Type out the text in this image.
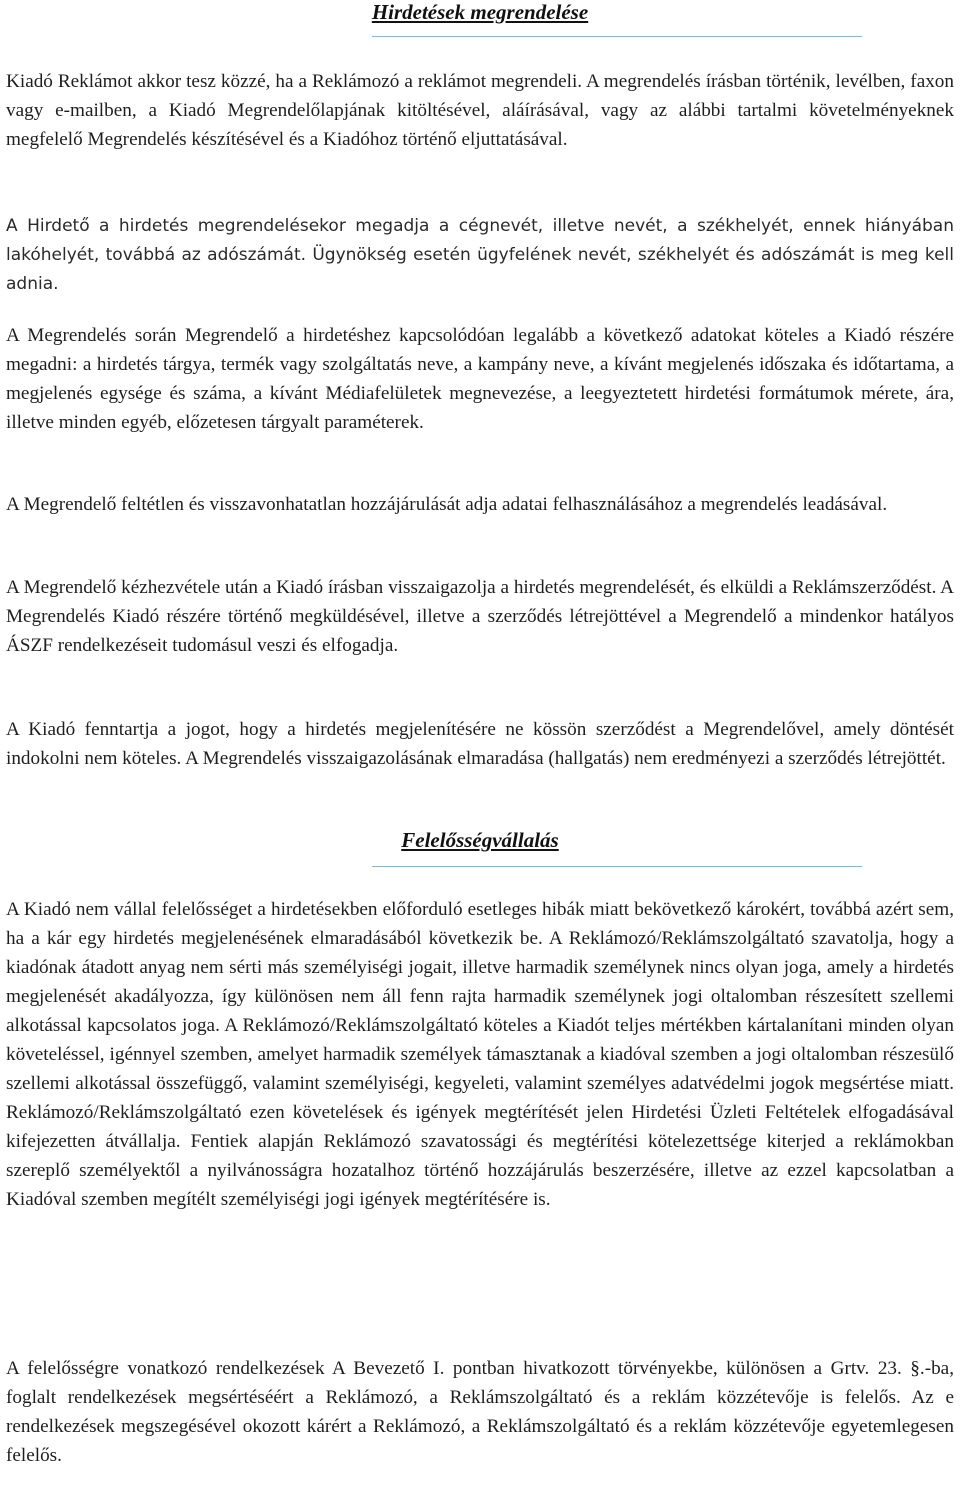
Hirdetések megrendelése

Kiadó Reklámot akkor tesz közzé, ha a Reklámozó a reklámot megrendeli. A megrendelés írásban történik, levélben, faxon vagy e-mailben, a Kiadó Megrendelőlapjának kitöltésével, aláírásával, vagy az alábbi tartalmi követelményeknek megfelelő Megrendelés készítésével és a Kiadóhoz történő eljuttatásával.

A Hirdető a hirdetés megrendelésekor megadja a cégnevét, illetve nevét, a székhelyét, ennek hiányában lakóhelyét, továbbá az adószámát. Ügynökség esetén ügyfelének nevét, székhelyét és adószámát is meg kell adnia.

A Megrendelés során Megrendelő a hirdetéshez kapcsolódóan legalább a következő adatokat köteles a Kiadó részére megadni: a hirdetés tárgya, termék vagy szolgáltatás neve, a kampány neve, a kívánt megjelenés időszaka és időtartama, a megjelenés egysége és száma, a kívánt Médiafelületek megnevezése, a leegyeztetett hirdetési formátumok mérete, ára, illetve minden egyéb, előzetesen tárgyalt paraméterek.

A Megrendelő feltétlen és visszavonhatatlan hozzájárulását adja adatai felhasználásához a megrendelés leadásával.

A Megrendelő kézhezvétele után a Kiadó írásban visszaigazolja a hirdetés megrendelését, és elküldi a Reklámszerződést. A Megrendelés Kiadó részére történő megküldésével, illetve a szerződés létrejöttével a Megrendelő a mindenkor hatályos ÁSZF rendelkezéseit tudomásul veszi és elfogadja.

A Kiadó fenntartja a jogot, hogy a hirdetés megjelenítésére ne kössön szerződést a Megrendelővel, amely döntését indokolni nem köteles. A Megrendelés visszaigazolásának elmaradása (hallgatás) nem eredményezi a szerződés létrejöttét.

Felelősségvállalás

A Kiadó nem vállal felelősséget a hirdetésekben előforduló esetleges hibák miatt bekövetkező károkért, továbbá azért sem, ha a kár egy hirdetés megjelenésének elmaradásából következik be. A Reklámozó/Reklámszolgáltató szavatolja, hogy a kiadónak átadott anyag nem sérti más személyiségi jogait, illetve harmadik személynek nincs olyan joga, amely a hirdetés megjelenését akadályozza, így különösen nem áll fenn rajta harmadik személynek jogi oltalomban részesített szellemi alkotással kapcsolatos joga. A Reklámozó/Reklámszolgáltató köteles a Kiadót teljes mértékben kártalanítani minden olyan követeléssel, igénnyel szemben, amelyet harmadik személyek támasztanak a kiadóval szemben a jogi oltalomban részesülő szellemi alkotással összefüggő, valamint személyiségi, kegyeleti, valamint személyes adatvédelmi jogok megsértése miatt. Reklámozó/Reklámszolgáltató ezen követelések és igények megtérítését jelen Hirdetési Üzleti Feltételek elfogadásával kifejezetten átvállalja. Fentiek alapján Reklámozó szavatossági és megtérítési kötelezettsége kiterjed a reklámokban szereplő személyektől a nyilvánosságra hozatalhoz történő hozzájárulás beszerzésére, illetve az ezzel kapcsolatban a Kiadóval szemben megítélt személyiségi jogi igények megtérítésére is.

A felelősségre vonatkozó rendelkezések A Bevezető I. pontban hivatkozott törvényekbe, különösen a Grtv. 23. §.-ba, foglalt rendelkezések megsértéséért a Reklámozó, a Reklámszolgáltató és a reklám közzétevője is felelős. Az e rendelkezések megszegésével okozott kárért a Reklámozó, a Reklámszolgáltató és a reklám közzétevője egyetemlegesen felelős.
